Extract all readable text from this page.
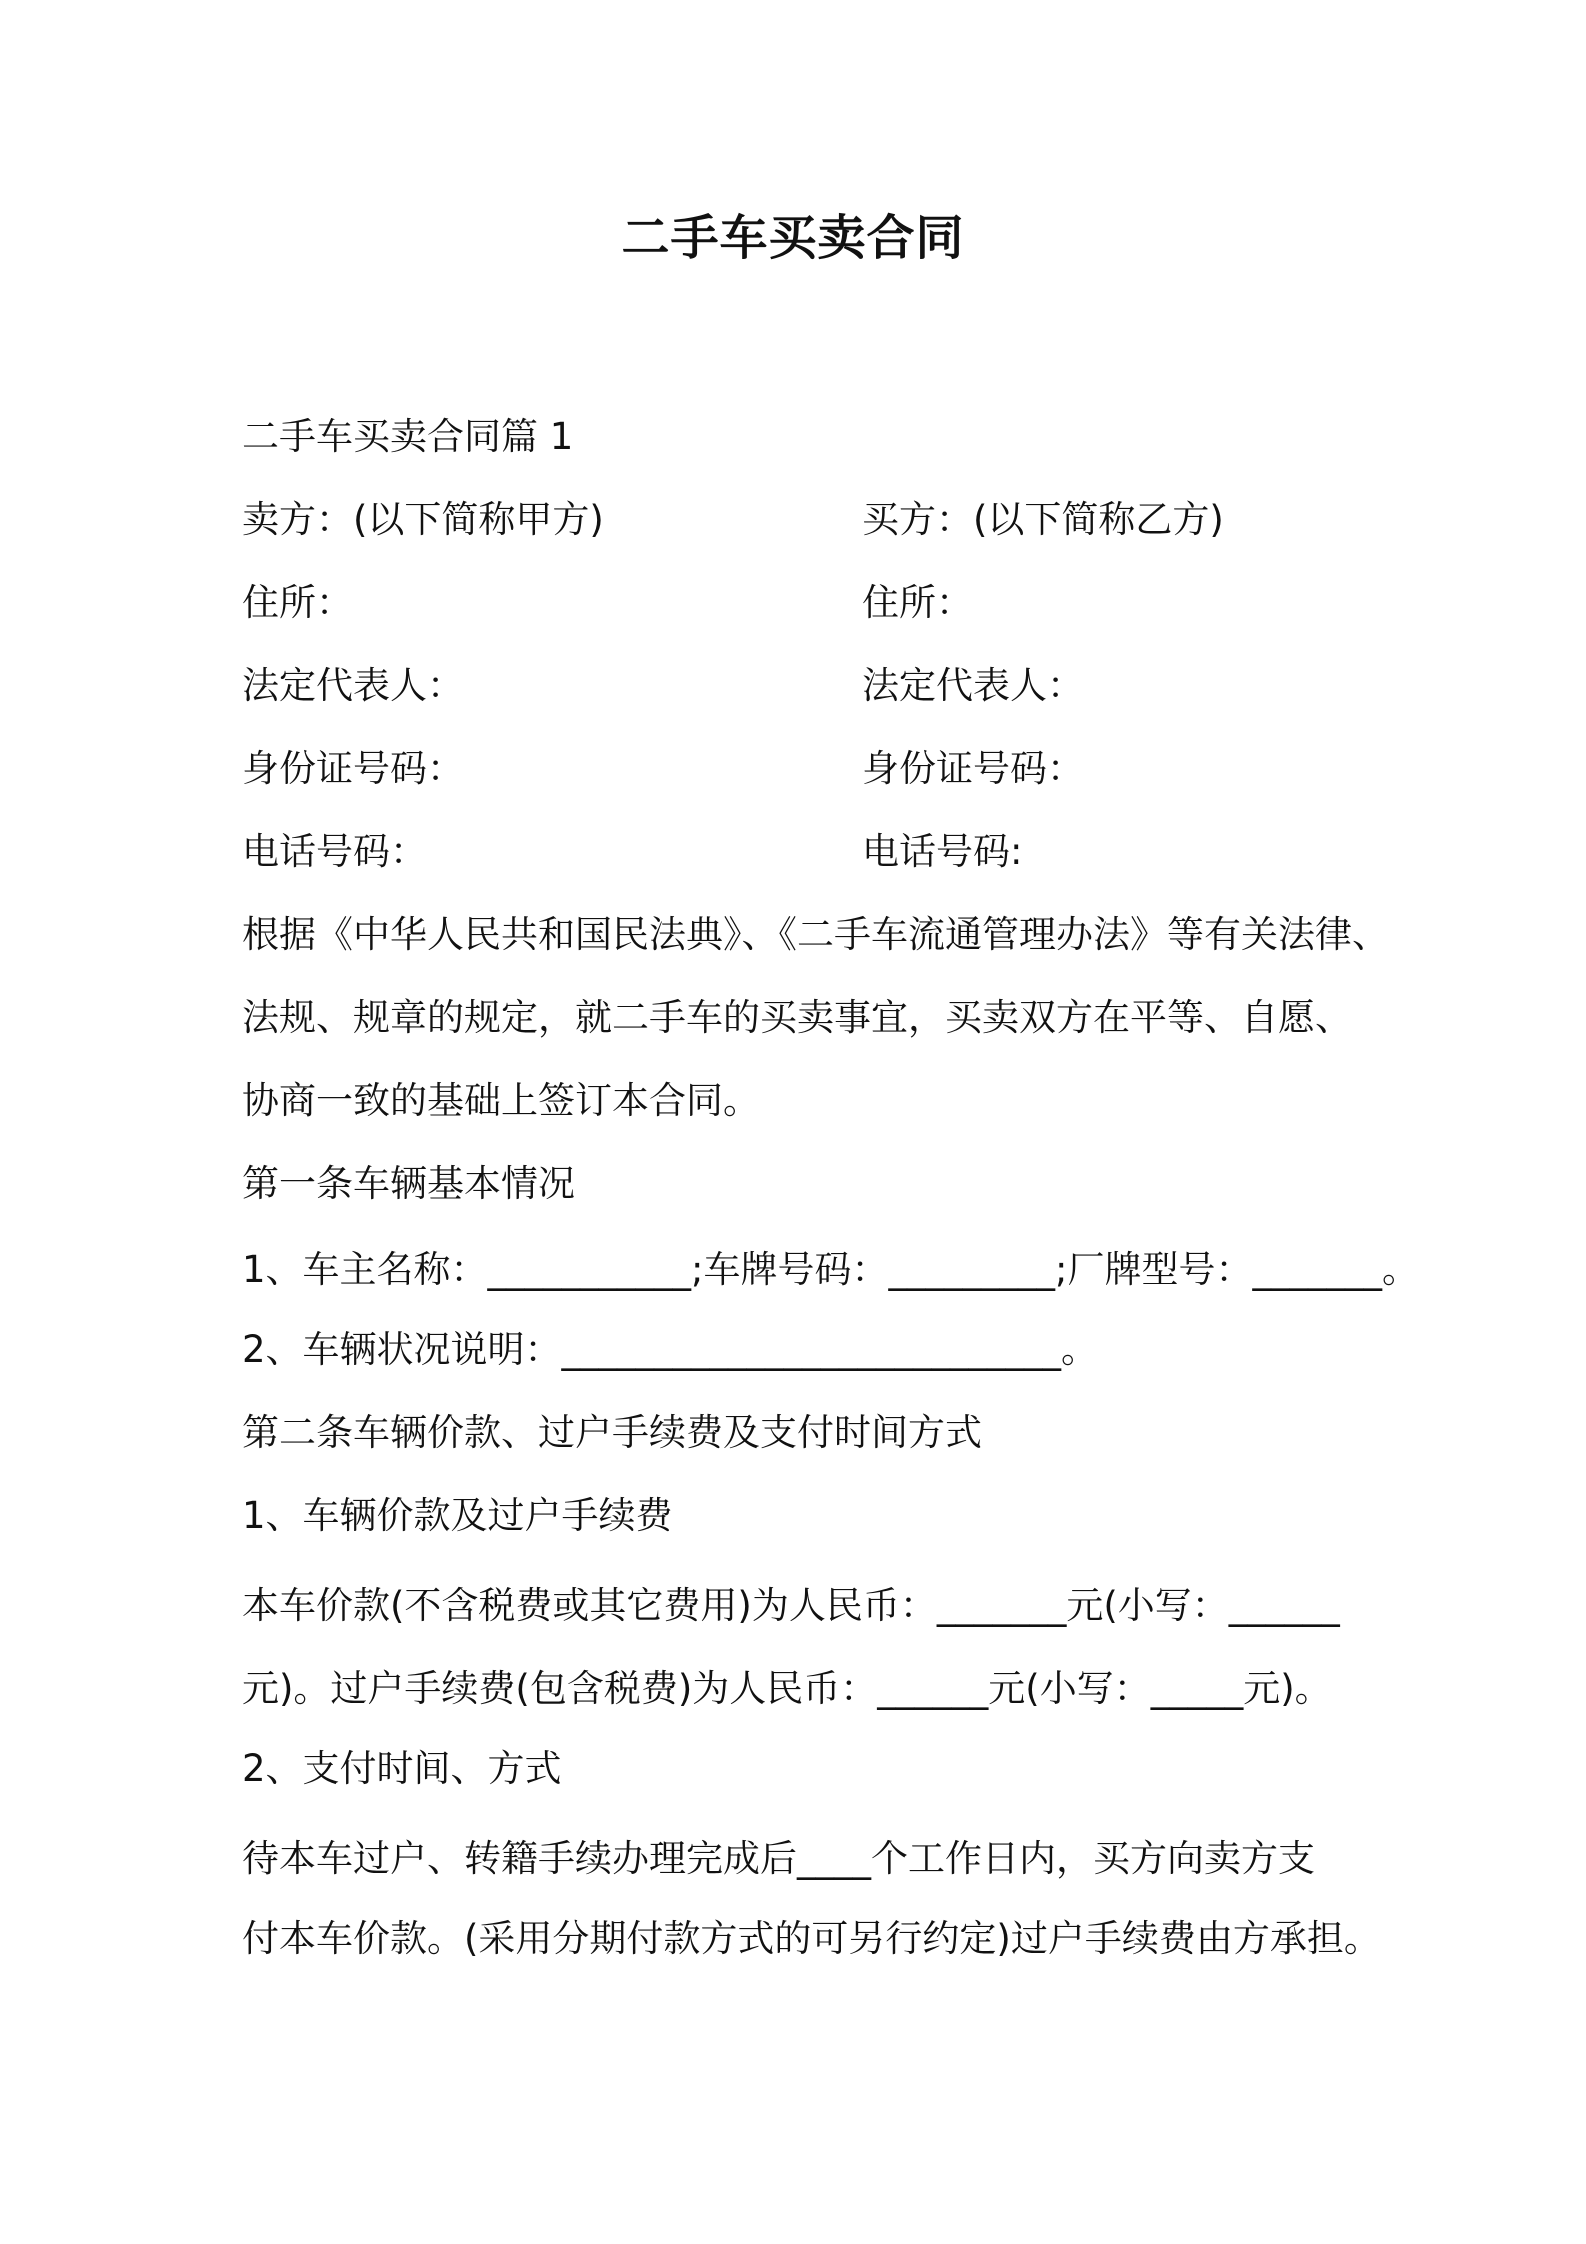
二手车买卖合同
二手车买卖合同篇 1
卖方：(以下简称甲方)	买方：(以下简称乙方)
住所：	住所：
法定代表人：	法定代表人：
身份证号码：	身份证号码：
电话号码：	电话号码:
根据《中华人民共和国民法典》、《二手车流通管理办法》等有关法律、
法规、规章的规定，就二手车的买卖事宜，买卖双方在平等、自愿、
协商一致的基础上签订本合同。
第一条车辆基本情况
1、车主名称：___________;车牌号码：_________;厂牌型号：_______。
2、车辆状况说明：___________________________。
第二条车辆价款、过户手续费及支付时间方式
1、车辆价款及过户手续费
本车价款(不含税费或其它费用)为人民币：_______元(小写：______
元)。过户手续费(包含税费)为人民币：______元(小写：_____元)。
2、支付时间、方式
待本车过户、转籍手续办理完成后____个工作日内，买方向卖方支
付本车价款。(采用分期付款方式的可另行约定)过户手续费由方承担。
